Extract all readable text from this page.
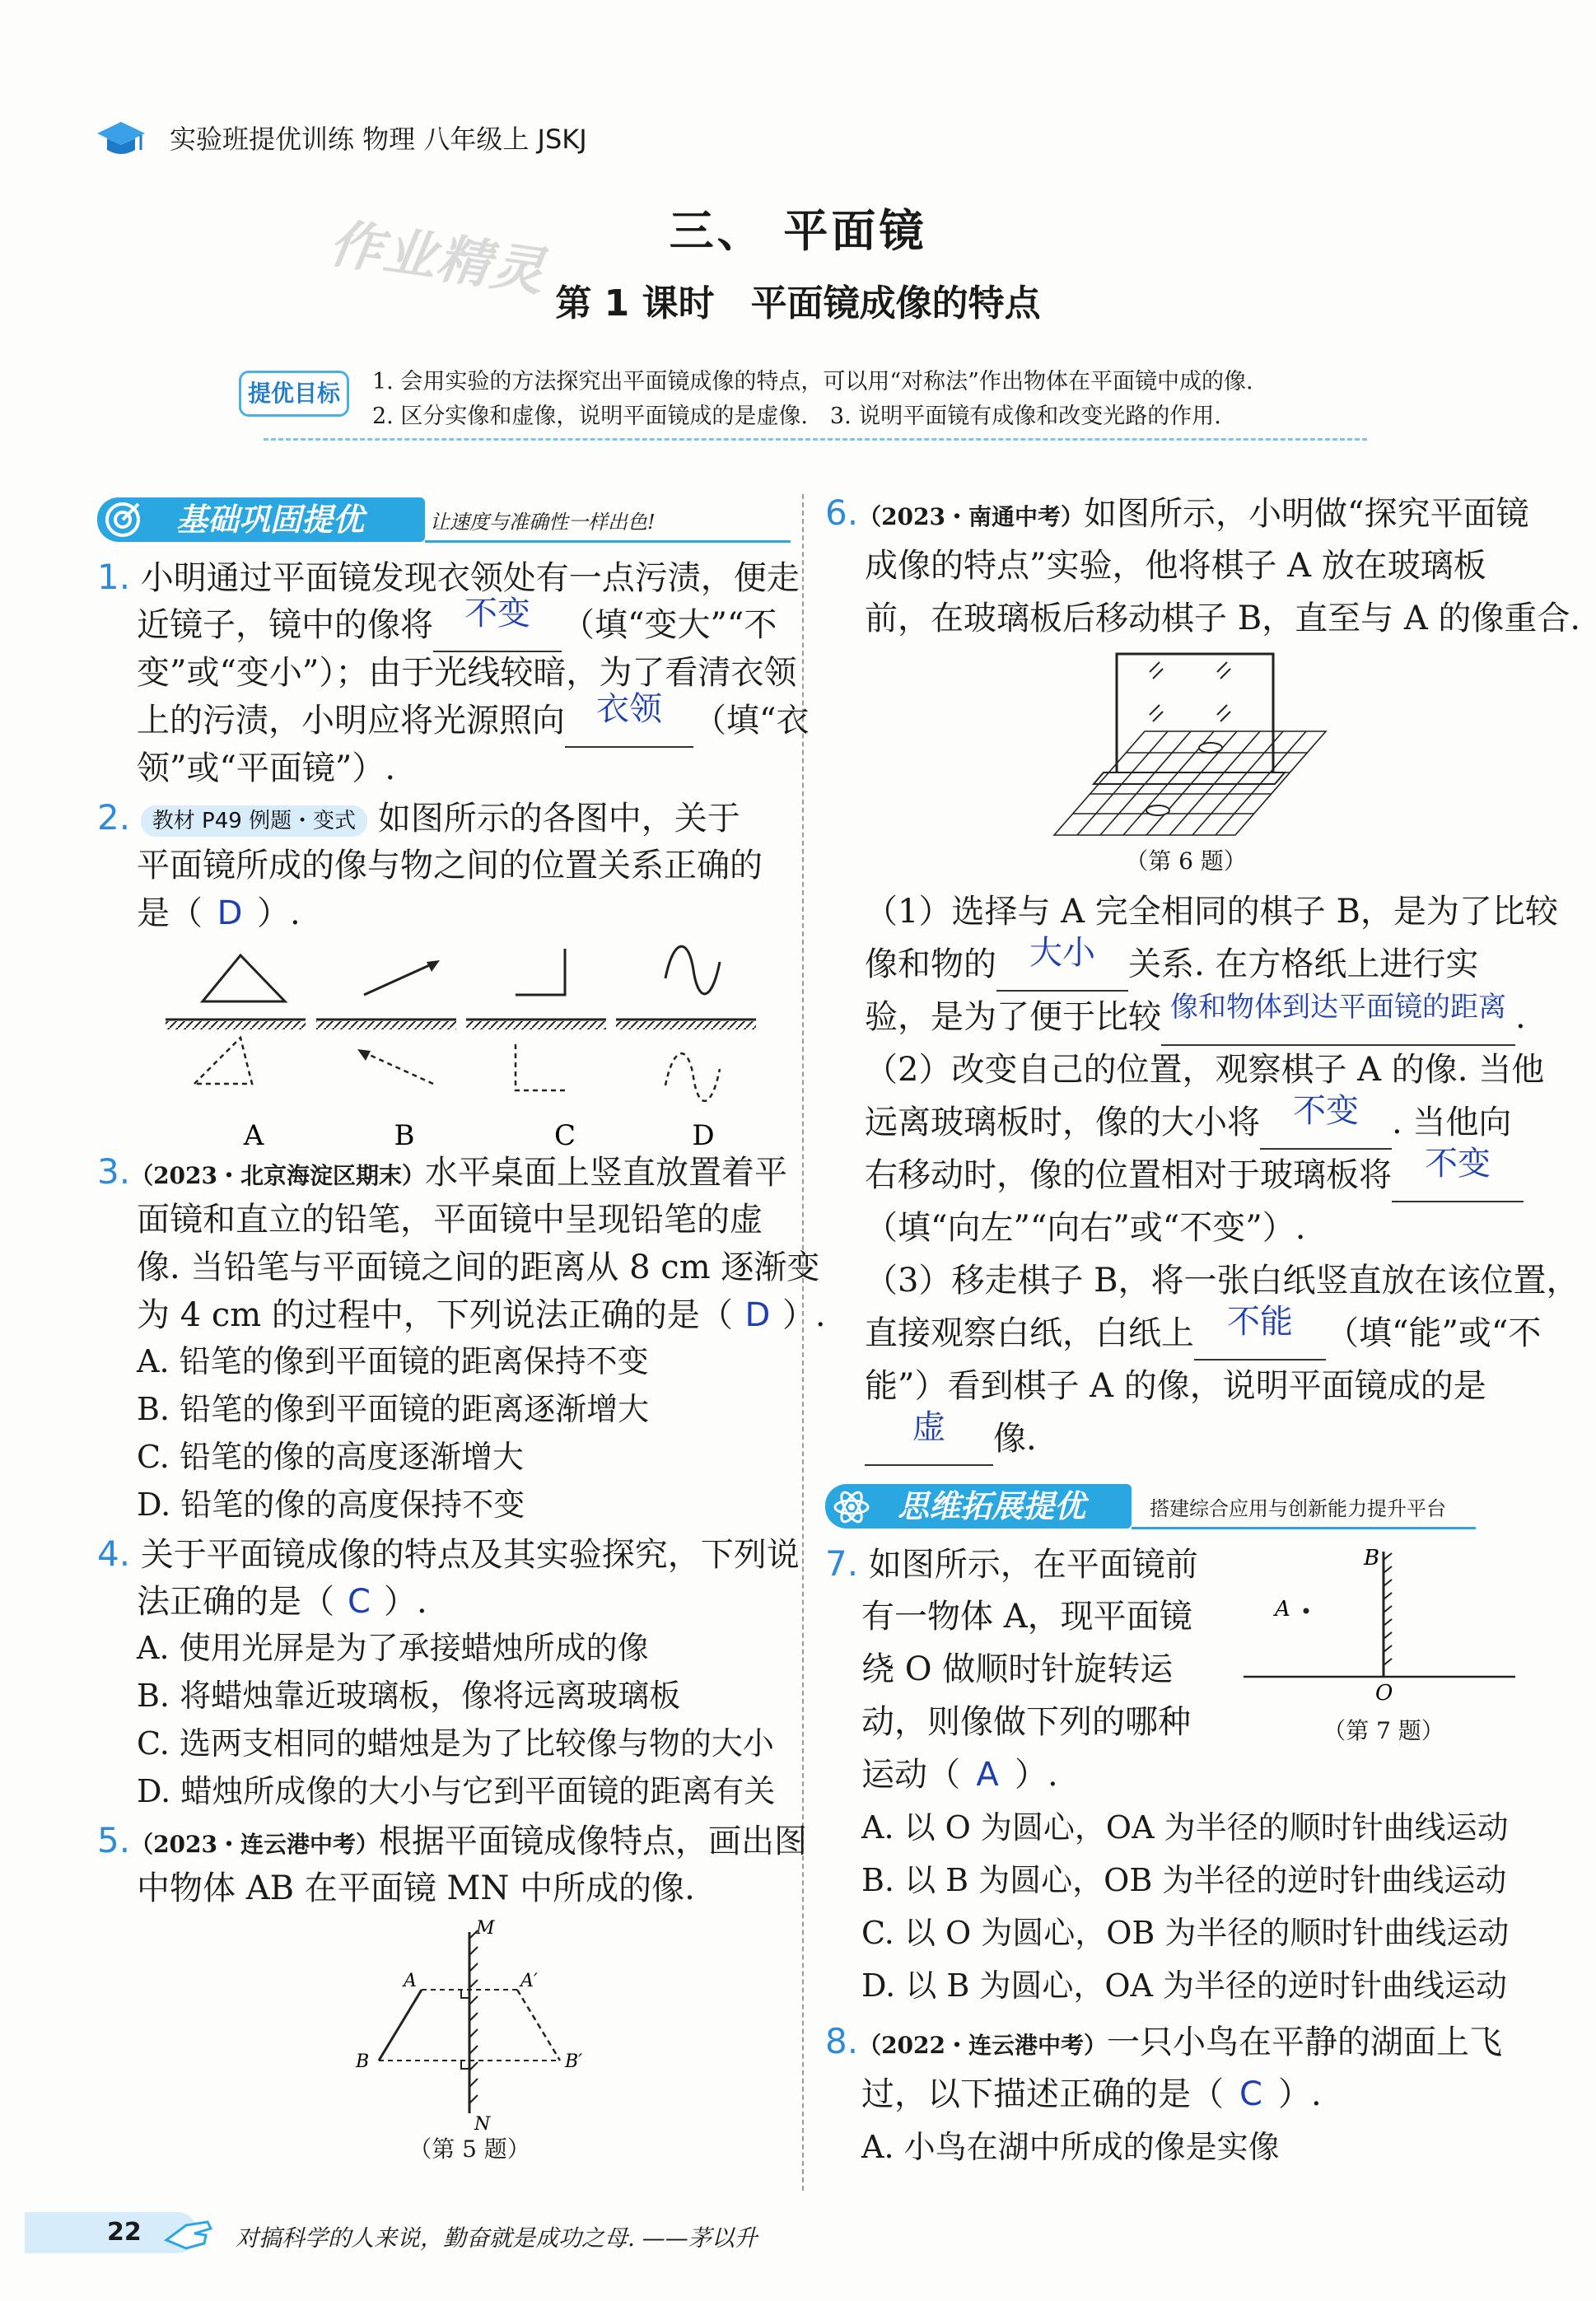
实验班提优训练 物理 八年级上 JSKJ
作业精灵	三、 平面镜
第 1 课时　平面镜成像的特点
提优目标	1. 会用实验的方法探究出平面镜成像的特点，可以用“对称法”作出物体在平面镜中成的像.
2. 区分实像和虚像，说明平面镜成的是虚像.　3. 说明平面镜有成像和改变光路的作用.
基础巩固提优	让速度与准确性一样出色!
1. 小明通过平面镜发现衣领处有一点污渍，便走
近镜子，镜中的像将 不变 （填“变大”“不
变”或“变小”）；由于光线较暗，为了看清衣领
上的污渍，小明应将光源照向 衣领 （填“衣
领”或“平面镜”）.
2. 教材 P49 例题・变式 如图所示的各图中，关于
平面镜所成的像与物之间的位置关系正确的
是（ D ）.
A	B	C	D
3.（2023・北京海淀区期末）水平桌面上竖直放置着平
面镜和直立的铅笔，平面镜中呈现铅笔的虚
像. 当铅笔与平面镜之间的距离从 8 cm 逐渐变
为 4 cm 的过程中，下列说法正确的是（ D ）.
A. 铅笔的像到平面镜的距离保持不变
B. 铅笔的像到平面镜的距离逐渐增大
C. 铅笔的像的高度逐渐增大
D. 铅笔的像的高度保持不变
4. 关于平面镜成像的特点及其实验探究，下列说
法正确的是（ C ）.
A. 使用光屏是为了承接蜡烛所成的像
B. 将蜡烛靠近玻璃板，像将远离玻璃板
C. 选两支相同的蜡烛是为了比较像与物的大小
D. 蜡烛所成像的大小与它到平面镜的距离有关
5.（2023・连云港中考）根据平面镜成像特点，画出图
中物体 AB 在平面镜 MN 中所成的像.
M
N
A
B
A′
B′
（第 5 题）
6.（2023・南通中考）如图所示，小明做“探究平面镜
成像的特点”实验，他将棋子 A 放在玻璃板
前，在玻璃板后移动棋子 B，直至与 A 的像重合.
（第 6 题）
（1）选择与 A 完全相同的棋子 B，是为了比较
像和物的 大小 关系. 在方格纸上进行实
验，是为了便于比较 像和物体到达平面镜的距离 .
（2）改变自己的位置，观察棋子 A 的像. 当他
远离玻璃板时，像的大小将 不变 . 当他向
右移动时，像的位置相对于玻璃板将 不变
（填“向左”“向右”或“不变”）.
（3）移走棋子 B，将一张白纸竖直放在该位置，
直接观察白纸，白纸上 不能 （填“能”或“不
能”）看到棋子 A 的像，说明平面镜成的是
虚 像.
思维拓展提优	搭建综合应用与创新能力提升平台
7. 如图所示，在平面镜前
有一物体 A，现平面镜
绕 O 做顺时针旋转运
动，则像做下列的哪种
运动（ A ）.
A
B
O
（第 7 题）
A. 以 O 为圆心，OA 为半径的顺时针曲线运动
B. 以 B 为圆心，OB 为半径的逆时针曲线运动
C. 以 O 为圆心，OB 为半径的顺时针曲线运动
D. 以 B 为圆心，OA 为半径的逆时针曲线运动
8.（2022・连云港中考）一只小鸟在平静的湖面上飞
过，以下描述正确的是（ C ）.
A. 小鸟在湖中所成的像是实像
22	对搞科学的人来说，勤奋就是成功之母. ——茅以升
